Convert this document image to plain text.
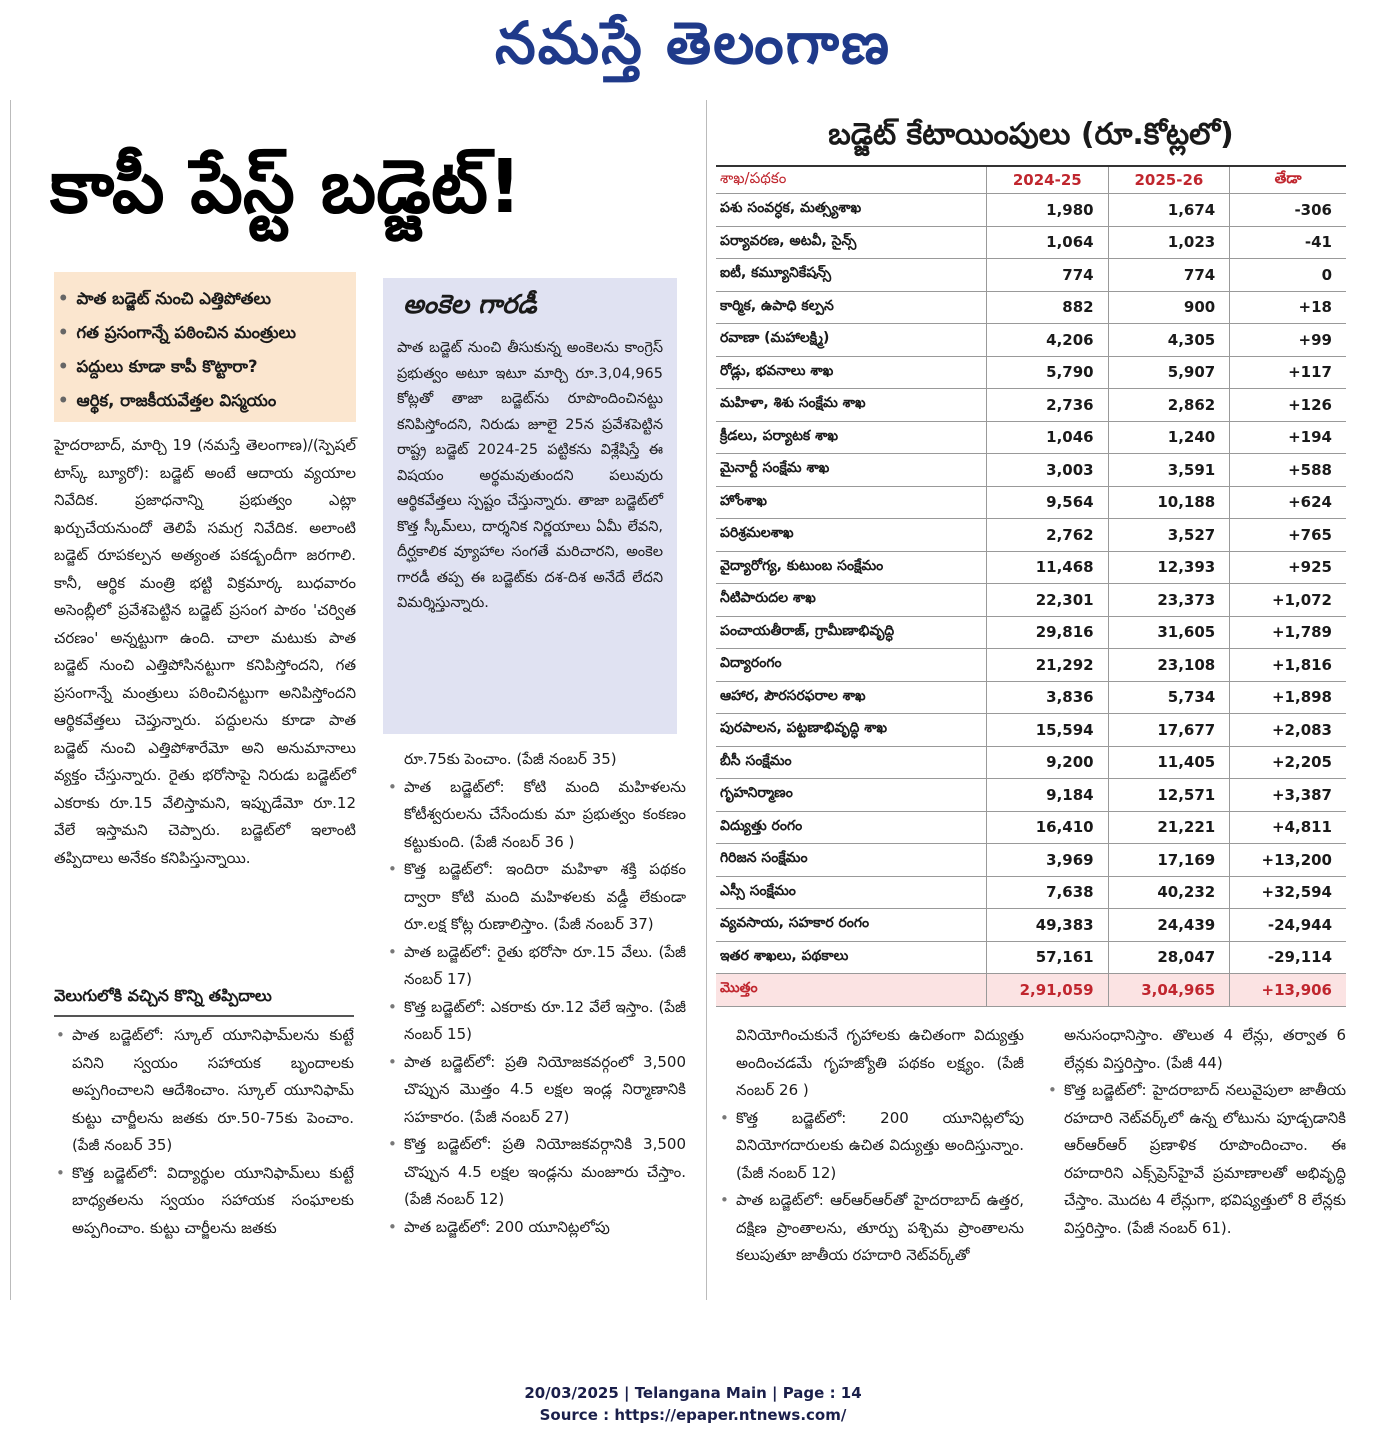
నమస్తే తెలంగాణ
కాపీ పేస్ట్ బడ్జెట్!
• పాత బడ్జెట్ నుంచి ఎత్తిపోతలు
• గత ప్రసంగాన్నే పఠించిన మంత్రులు
• పద్దులు కూడా కాపీ కొట్టారా?
• ఆర్థిక, రాజకీయవేత్తల విస్మయం
అంకెల గారడీ
పాత బడ్జెట్ నుంచి తీసుకున్న అంకెలను కాంగ్రెస్ ప్రభుత్వం అటూ ఇటూ మార్చి రూ.3,04,965 కోట్లతో తాజా బడ్జెట్‌ను రూపొందించినట్టు కనిపిస్తోందని, నిరుడు జూలై 25న ప్రవేశపెట్టిన రాష్ట్ర బడ్జెట్ 2024-25 పట్టికను విశ్లేషిస్తే ఈ విషయం అర్థమవుతుందని పలువురు ఆర్థికవేత్తలు స్పష్టం చేస్తున్నారు. తాజా బడ్జెట్‌లో కొత్త స్కీమ్‌లు, దార్శనిక నిర్ణయాలు ఏమీ లేవని, దీర్ఘకాలిక వ్యూహాల సంగతే మరిచారని, అంకెల గారడీ తప్ప ఈ బడ్జెట్‌కు దశ-దిశ అనేదే లేదని విమర్శిస్తున్నారు.

హైదరాబాద్, మార్చి 19 (నమస్తే తెలంగాణ)/(స్పెషల్ టాస్క్ బ్యూరో): బడ్జెట్ అంటే ఆదాయ వ్యయాల నివేదిక. ప్రజాధనాన్ని ప్రభుత్వం ఎట్లా ఖర్చుచేయనుందో తెలిపే సమగ్ర నివేదిక. అలాంటి బడ్జెట్ రూపకల్పన అత్యంత పకడ్బందీగా జరగాలి. కానీ, ఆర్థిక మంత్రి భట్టి విక్రమార్క బుధవారం అసెంబ్లీలో ప్రవేశపెట్టిన బడ్జెట్ ప్రసంగ పాఠం 'చర్విత చరణం' అన్నట్టుగా ఉంది. చాలా మటుకు పాత బడ్జెట్ నుంచి ఎత్తిపోసినట్టుగా కనిపిస్తోందని, గత ప్రసంగాన్నే మంత్రులు పఠించినట్టుగా అనిపిస్తోందని ఆర్థికవేత్తలు చెప్తున్నారు. పద్దులను కూడా పాత బడ్జెట్ నుంచి ఎత్తిపోశారేమో అని అనుమానాలు వ్యక్తం చేస్తున్నారు. రైతు భరోసాపై నిరుడు బడ్జెట్‌లో ఎకరాకు రూ.15 వేలిస్తామని, ఇప్పుడేమో రూ.12 వేలే ఇస్తామని చెప్పారు. బడ్జెట్‌లో ఇలాంటి తప్పిదాలు అనేకం కనిపిస్తున్నాయి.

వెలుగులోకి వచ్చిన కొన్ని తప్పిదాలు

• పాత బడ్జెట్‌లో: స్కూల్ యూనిఫామ్‌లను కుట్టే పనిని స్వయం సహాయక బృందాలకు అప్పగించాలని ఆదేశించాం. స్కూల్ యూనిఫామ్ కుట్టు చార్జీలను జతకు రూ.50-75కు పెంచాం. (పేజీ నంబర్ 35)

• కొత్త బడ్జెట్‌లో: విద్యార్థుల యూనిఫామ్‌లు కుట్టే బాధ్యతలను స్వయం సహాయక సంఘాలకు అప్పగించాం. కుట్టు చార్జీలను జతకు

రూ.75కు పెంచాం. (పేజీ నంబర్ 35)

• పాత బడ్జెట్‌లో: కోటి మంది మహిళలను కోటీశ్వరులను చేసేందుకు మా ప్రభుత్వం కంకణం కట్టుకుంది. (పేజీ నంబర్ 36 )

• కొత్త బడ్జెట్‌లో: ఇందిరా మహిళా శక్తి పథకం ద్వారా కోటి మంది మహిళలకు వడ్డీ లేకుండా రూ.లక్ష కోట్ల రుణాలిస్తాం. (పేజీ నంబర్ 37)

• పాత బడ్జెట్‌లో: రైతు భరోసా రూ.15 వేలు. (పేజీ నంబర్ 17)

• కొత్త బడ్జెట్‌లో: ఎకరాకు రూ.12 వేలే ఇస్తాం. (పేజీ నంబర్ 15)

• పాత బడ్జెట్‌లో: ప్రతి నియోజకవర్గంలో 3,500 చొప్పున మొత్తం 4.5 లక్షల ఇండ్ల నిర్మాణానికి సహకారం. (పేజీ నంబర్ 27)

• కొత్త బడ్జెట్‌లో: ప్రతి నియోజకవర్గానికి 3,500 చొప్పున 4.5 లక్షల ఇండ్లను మంజూరు చేస్తాం. (పేజీ నంబర్ 12)

• పాత బడ్జెట్‌లో: 200 యూనిట్లలోపు

వినియోగించుకునే గృహాలకు ఉచితంగా విద్యుత్తు అందించడమే గృహజ్యోతి పథకం లక్ష్యం. (పేజీ నంబర్ 26 )

• కొత్త బడ్జెట్‌లో: 200 యూనిట్లలోపు వినియోగదారులకు ఉచిత విద్యుత్తు అందిస్తున్నాం. (పేజీ నంబర్ 12)

• పాత బడ్జెట్‌లో: ఆర్ఆర్ఆర్‌తో హైదరాబాద్ ఉత్తర, దక్షిణ ప్రాంతాలను, తూర్పు పశ్చిమ ప్రాంతాలను కలుపుతూ జాతీయ రహదారి నెట్‌వర్క్‌తో

అనుసంధానిస్తాం. తొలుత 4 లేన్లు, తర్వాత 6 లేన్లకు విస్తరిస్తాం. (పేజీ 44)

• కొత్త బడ్జెట్‌లో: హైదరాబాద్ నలువైపులా జాతీయ రహదారి నెట్‌వర్క్‌లో ఉన్న లోటును పూడ్చడానికి ఆర్ఆర్ఆర్ ప్రణాళిక రూపొందించాం. ఈ రహదారిని ఎక్స్‌ప్రెస్‌హైవే ప్రమాణాలతో అభివృద్ధి చేస్తాం. మొదట 4 లేన్లుగా, భవిష్యత్తులో 8 లేన్లకు విస్తరిస్తాం. (పేజీ నంబర్ 61).

బడ్జెట్ కేటాయింపులు (రూ.కోట్లలో)
శాఖ/పథకం	2024-25	2025-26	తేడా
పశు సంవర్ధక, మత్స్యశాఖ	1,980	1,674	-306
పర్యావరణ, అటవీ, సైన్స్	1,064	1,023	-41
ఐటీ, కమ్యూనికేషన్స్	774	774	0
కార్మిక, ఉపాధి కల్పన	882	900	+18
రవాణా (మహాలక్ష్మి)	4,206	4,305	+99
రోడ్లు, భవనాలు శాఖ	5,790	5,907	+117
మహిళా, శిశు సంక్షేమ శాఖ	2,736	2,862	+126
క్రీడలు, పర్యాటక శాఖ	1,046	1,240	+194
మైనార్టీ సంక్షేమ శాఖ	3,003	3,591	+588
హోంశాఖ	9,564	10,188	+624
పరిశ్రమలశాఖ	2,762	3,527	+765
వైద్యారోగ్య, కుటుంబ సంక్షేమం	11,468	12,393	+925
నీటిపారుదల శాఖ	22,301	23,373	+1,072
పంచాయతీరాజ్, గ్రామీణాభివృద్ధి	29,816	31,605	+1,789
విద్యారంగం	21,292	23,108	+1,816
ఆహార, పౌరసరఫరాల శాఖ	3,836	5,734	+1,898
పురపాలన, పట్టణాభివృద్ధి శాఖ	15,594	17,677	+2,083
బీసీ సంక్షేమం	9,200	11,405	+2,205
గృహనిర్మాణం	9,184	12,571	+3,387
విద్యుత్తు రంగం	16,410	21,221	+4,811
గిరిజన సంక్షేమం	3,969	17,169	+13,200
ఎస్సీ సంక్షేమం	7,638	40,232	+32,594
వ్యవసాయ, సహకార రంగం	49,383	24,439	-24,944
ఇతర శాఖలు, పథకాలు	57,161	28,047	-29,114
మొత్తం	2,91,059	3,04,965	+13,906
20/03/2025 | Telangana Main | Page : 14
Source : https://epaper.ntnews.com/
